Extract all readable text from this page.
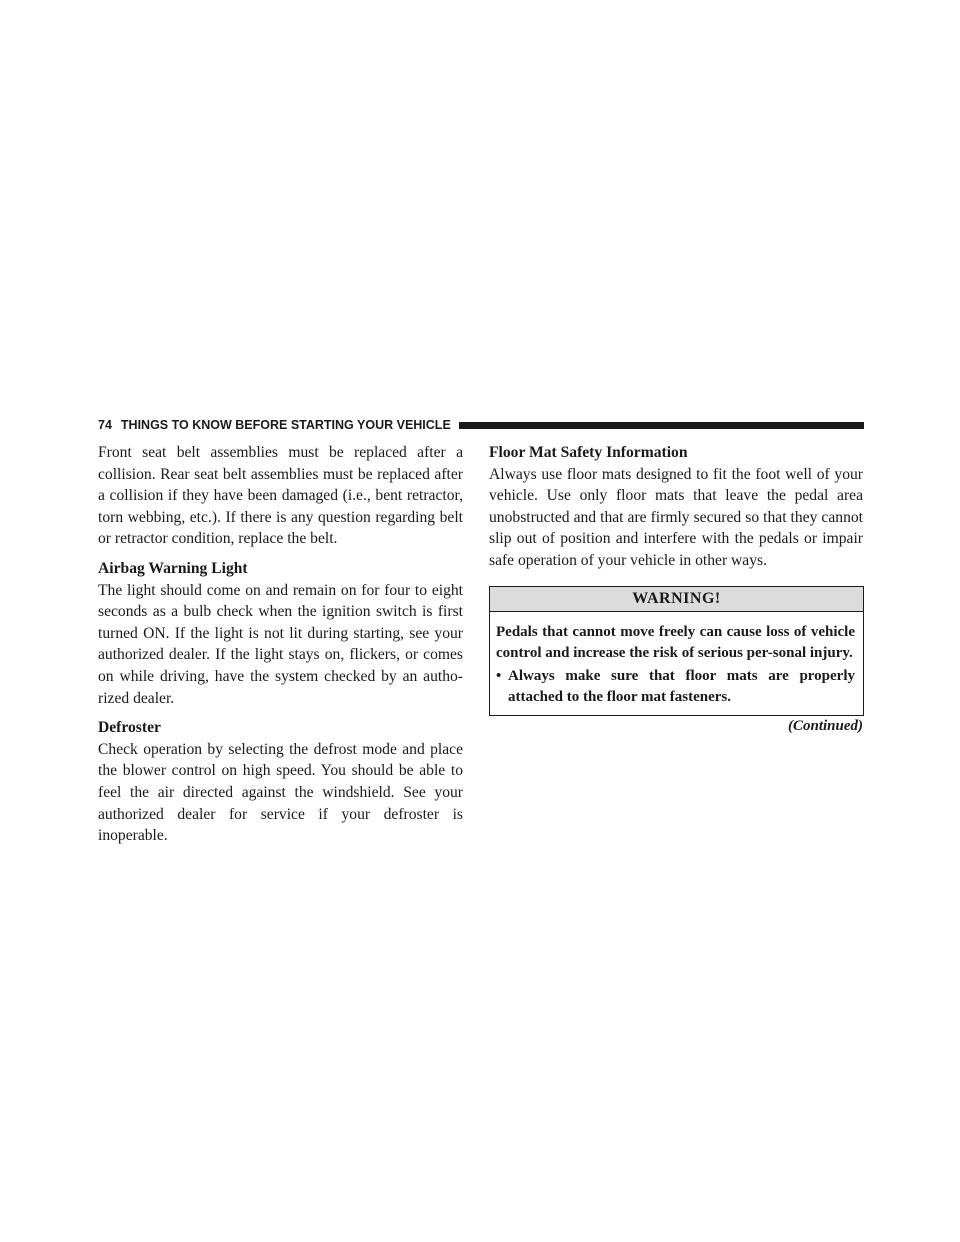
74 THINGS TO KNOW BEFORE STARTING YOUR VEHICLE

Front seat belt assemblies must be replaced after a collision. Rear seat belt assemblies must be replaced after a collision if they have been damaged (i.e., bent retractor, torn webbing, etc.). If there is any question regarding belt or retractor condition, replace the belt.

Airbag Warning Light

The light should come on and remain on for four to eight seconds as a bulb check when the ignition switch is first turned ON. If the light is not lit during starting, see your authorized dealer. If the light stays on, flickers, or comes on while driving, have the system checked by an autho-rized dealer.

Defroster

Check operation by selecting the defrost mode and place the blower control on high speed. You should be able to feel the air directed against the windshield. See your authorized dealer for service if your defroster is inoperable.

Floor Mat Safety Information

Always use floor mats designed to fit the foot well of your vehicle. Use only floor mats that leave the pedal area unobstructed and that are firmly secured so that they cannot slip out of position and interfere with the pedals or impair safe operation of your vehicle in other ways.

WARNING!

Pedals that cannot move freely can cause loss of vehicle control and increase the risk of serious per-sonal injury.

• Always make sure that floor mats are properly attached to the floor mat fasteners.
(Continued)
